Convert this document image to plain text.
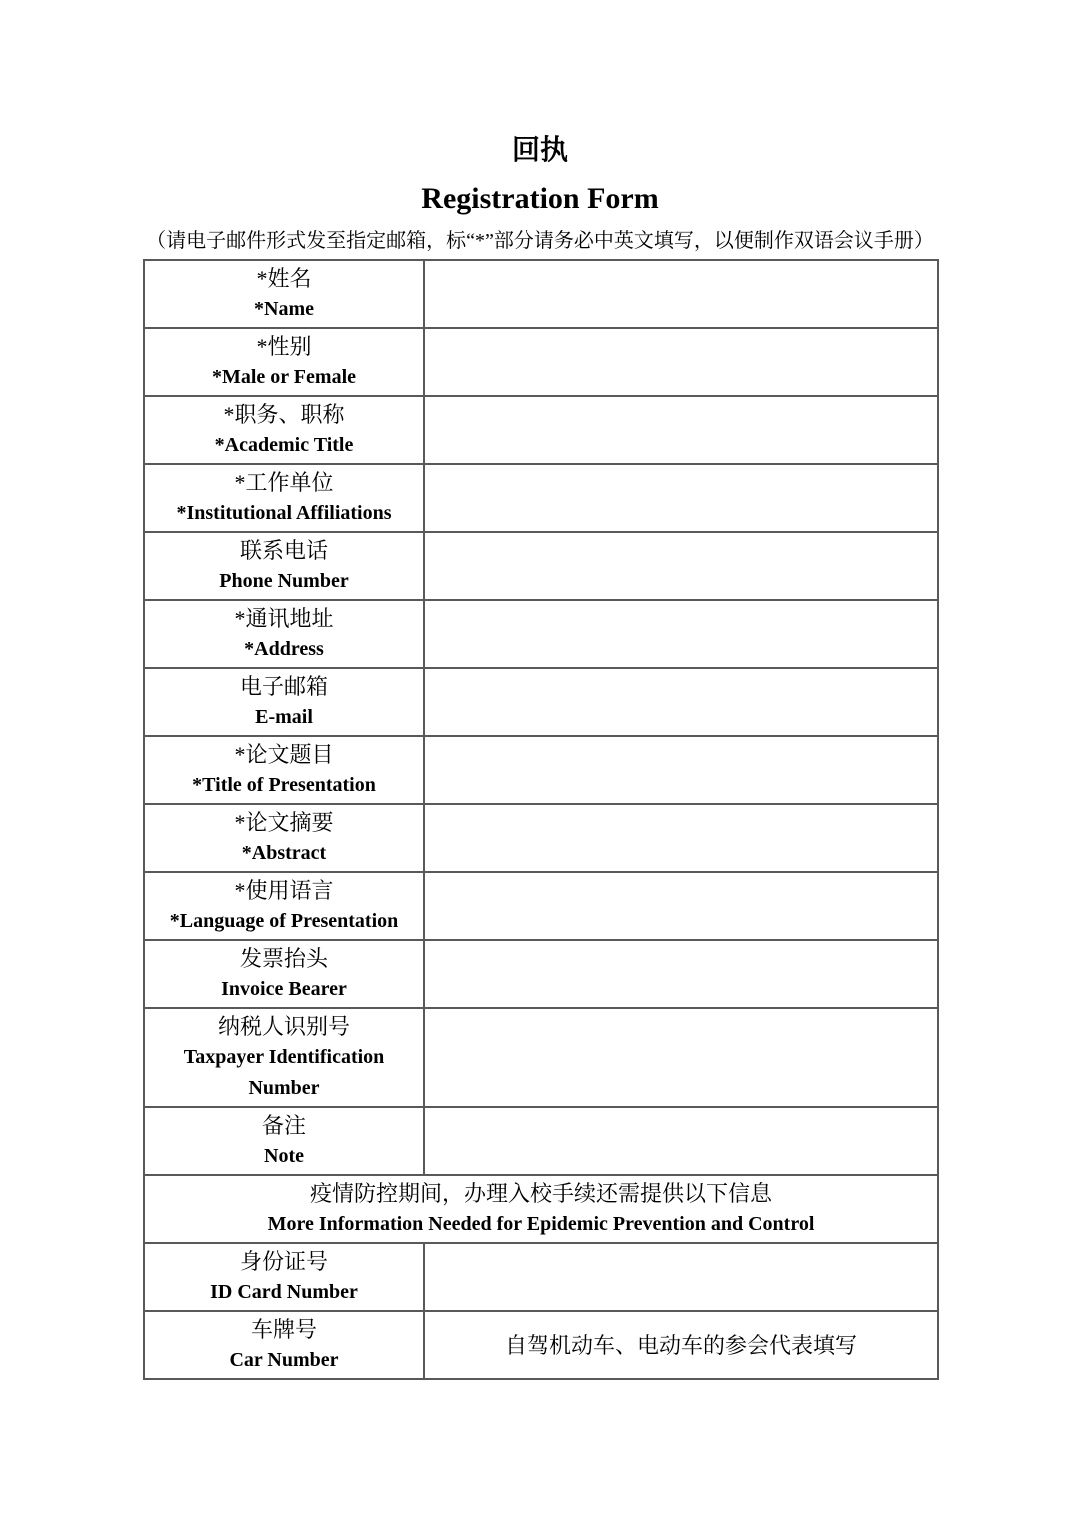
回执
Registration Form

（请电子邮件形式发至指定邮箱，标“*”部分请务必中英文填写，以便制作双语会议手册）

*姓名
*Name	

*性别
*Male or Female	

*职务、职称
*Academic Title	

*工作单位
*Institutional Affiliations	

联系电话
Phone Number	

*通讯地址
*Address	

电子邮箱
E-mail	

*论文题目
*Title of Presentation	

*论文摘要
*Abstract	

*使用语言
*Language of Presentation	

发票抬头
Invoice Bearer	

纳税人识别号
Taxpayer Identification Number	

备注
Note	

疫情防控期间，办理入校手续还需提供以下信息
More Information Needed for Epidemic Prevention and Control	

身份证号
ID Card Number	

车牌号
Car Number	自驾机动车、电动车的参会代表填写
